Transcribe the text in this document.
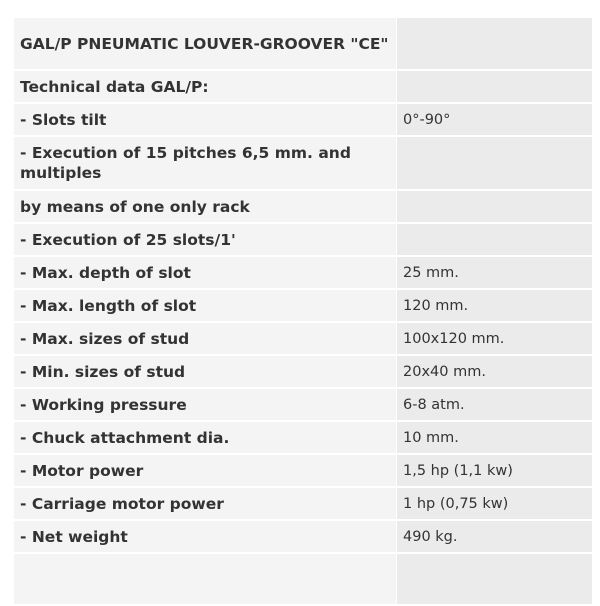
GAL/P PNEUMATIC LOUVER-GROOVER "CE"	
Technical data GAL/P:	
- Slots tilt	0°-90°
- Execution of 15 pitches 6,5 mm. and multiples	
by means of one only rack	
- Execution of 25 slots/1'	
- Max. depth of slot	25 mm.
- Max. length of slot	120 mm.
- Max. sizes of stud	100x120 mm.
- Min. sizes of stud	20x40 mm.
- Working pressure	6-8 atm.
- Chuck attachment dia.	10 mm.
- Motor power	1,5 hp (1,1 kw)
- Carriage motor power	1 hp (0,75 kw)
- Net weight	490 kg.
